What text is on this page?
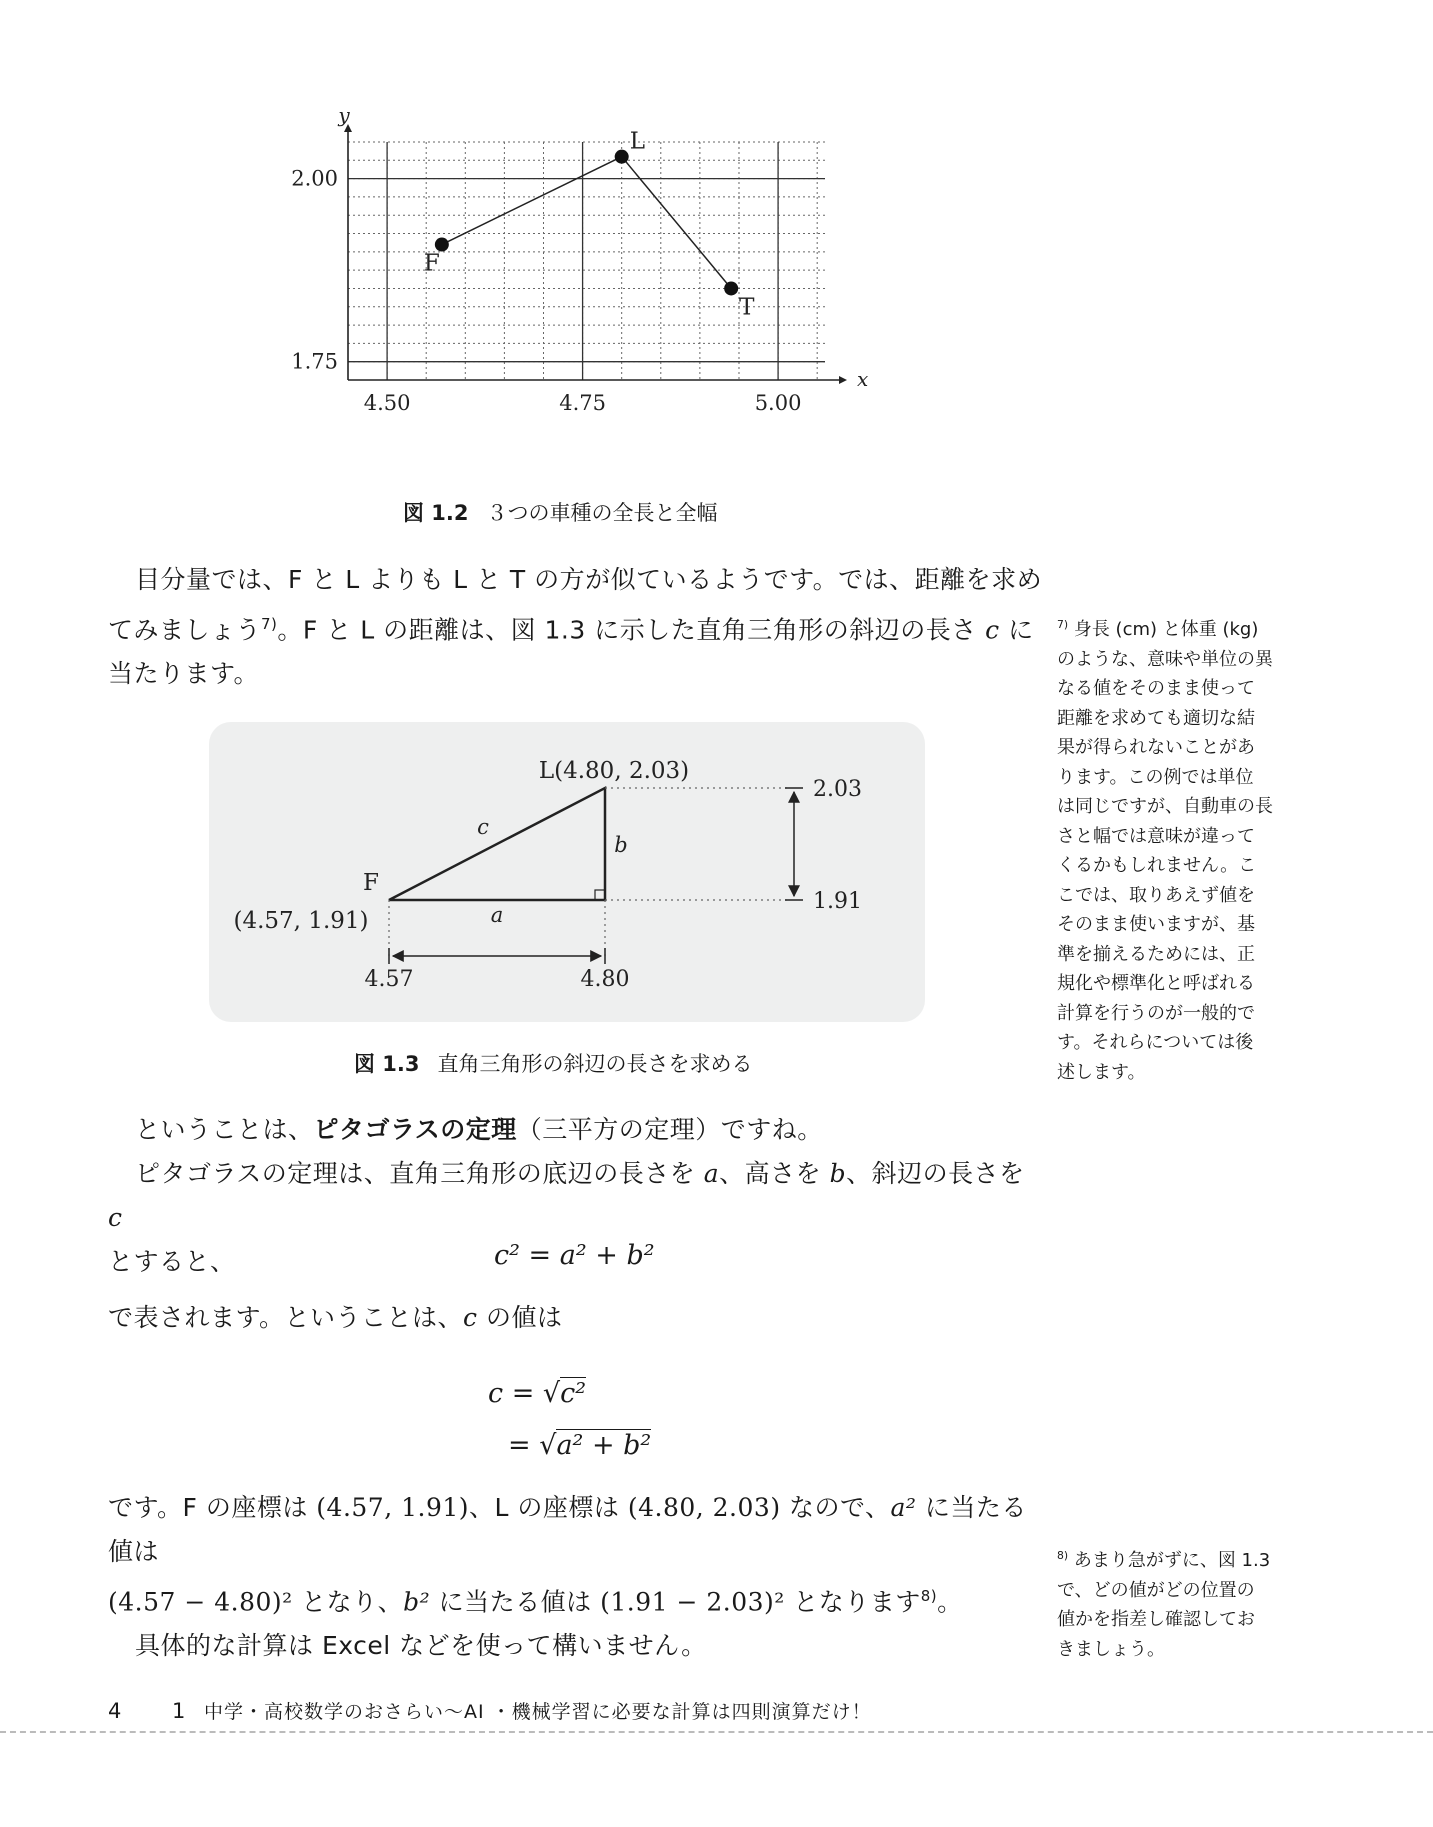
x
y
4.50	4.75	5.00
1.75
2.00
F
L
T
図 1.2 ３つの車種の全長と全幅
目分量では、F と L よりも L と T の方が似ているようです。では、距離を求め
てみましょう$^{7)}$。F と L の距離は、図 1.3 に示した直角三角形の斜辺の長さ c に
当たります。
L(4.80, 2.03)
F
(4.57, 1.91)
c
b
a
2.03
1.91
4.57	4.80
図 1.3 直角三角形の斜辺の長さを求める
ということは、ピタゴラスの定理（三平方の定理）ですね。
ピタゴラスの定理は、直角三角形の底辺の長さを a、高さを b、斜辺の長さを c
とすると、	c² = a² + b²
で表されます。ということは、c の値は
c = √c²
= √a² + b²
です。F の座標は (4.57, 1.91)、L の座標は (4.80, 2.03) なので、a² に当たる値は
(4.57 − 4.80)² となり、b² に当たる値は (1.91 − 2.03)² となります$^{8)}$。
具体的な計算は Excel などを使って構いません。
$^{7)}$ 身長 (cm) と体重 (kg)
のような、意味や単位の異
なる値をそのまま使って
距離を求めても適切な結
果が得られないことがあ
ります。この例では単位
は同じですが、自動車の長
さと幅では意味が違って
くるかもしれません。こ
こでは、取りあえず値を
そのまま使いますが、基
準を揃えるためには、正
規化や標準化と呼ばれる
計算を行うのが一般的で
す。それらについては後
述します。
$^{8)}$ あまり急がずに、図 1.3
で、どの値がどの位置の
値かを指差し確認してお
きましょう。
4 1 中学・高校数学のおさらい〜AI ・機械学習に必要な計算は四則演算だけ！
